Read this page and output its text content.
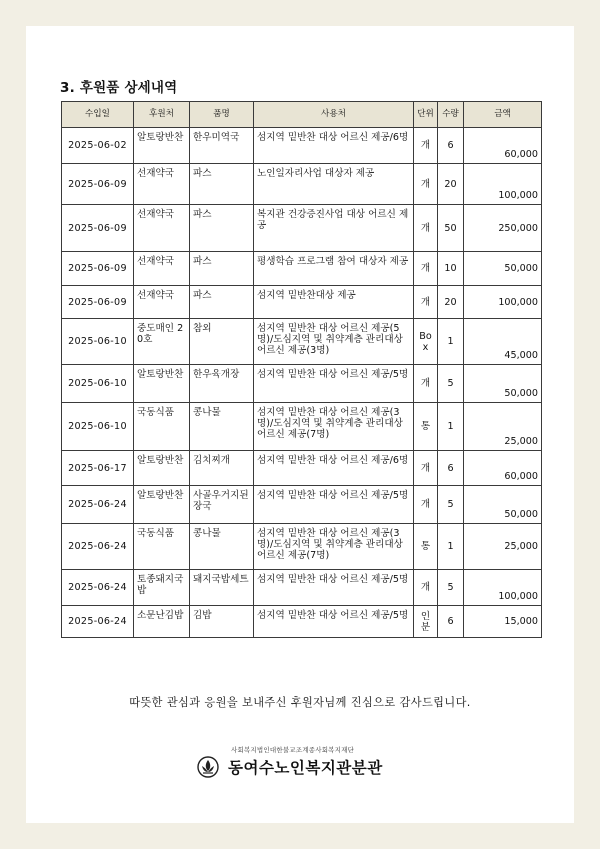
3. 후원품 상세내역
수입일	후원처	품명	사용처	단위	수량	금액
2025-06-02	알토랑반찬	한우미역국	섬지역 밑반찬 대상 어르신 제공/6명	개	6	60,000
2025-06-09	선재약국	파스	노인일자리사업 대상자 제공	개	20	100,000
2025-06-09	선재약국	파스	복지관 건강증진사업 대상 어르신 제공	개	50	250,000
2025-06-09	선재약국	파스	평생학습 프로그램 참여 대상자 제공	개	10	50,000
2025-06-09	선재약국	파스	섬지역 밑반찬대상 제공	개	20	100,000
2025-06-10	중도매인 20호	참외	섬지역 밑반찬 대상 어르신 제공(5명)/도심지역 및 취약계층 관리대상 어르신 제공(3명)	Box	1	45,000
2025-06-10	알토랑반찬	한우육개장	섬지역 밑반찬 대상 어르신 제공/5명	개	5	50,000
2025-06-10	국동식품	콩나물	섬지역 밑반찬 대상 어르신 제공(3명)/도심지역 및 취약계층 관리대상 어르신 제공(7명)	통	1	25,000
2025-06-17	알토랑반찬	김치찌개	섬지역 밑반찬 대상 어르신 제공/6명	개	6	60,000
2025-06-24	알토랑반찬	사골우거지된장국	섬지역 밑반찬 대상 어르신 제공/5명	개	5	50,000
2025-06-24	국동식품	콩나물	섬지역 밑반찬 대상 어르신 제공(3명)/도심지역 및 취약계층 관리대상 어르신 제공(7명)	통	1	25,000
2025-06-24	토종돼지국밥	돼지국밥세트	섬지역 밑반찬 대상 어르신 제공/5명	개	5	100,000
2025-06-24	소문난김밥	김밥	섬지역 밑반찬 대상 어르신 제공/5명	인분	6	15,000
따뜻한 관심과 응원을 보내주신 후원자님께 진심으로 감사드립니다.
사회복지법인대한불교조계종사회복지재단
동여수노인복지관분관
